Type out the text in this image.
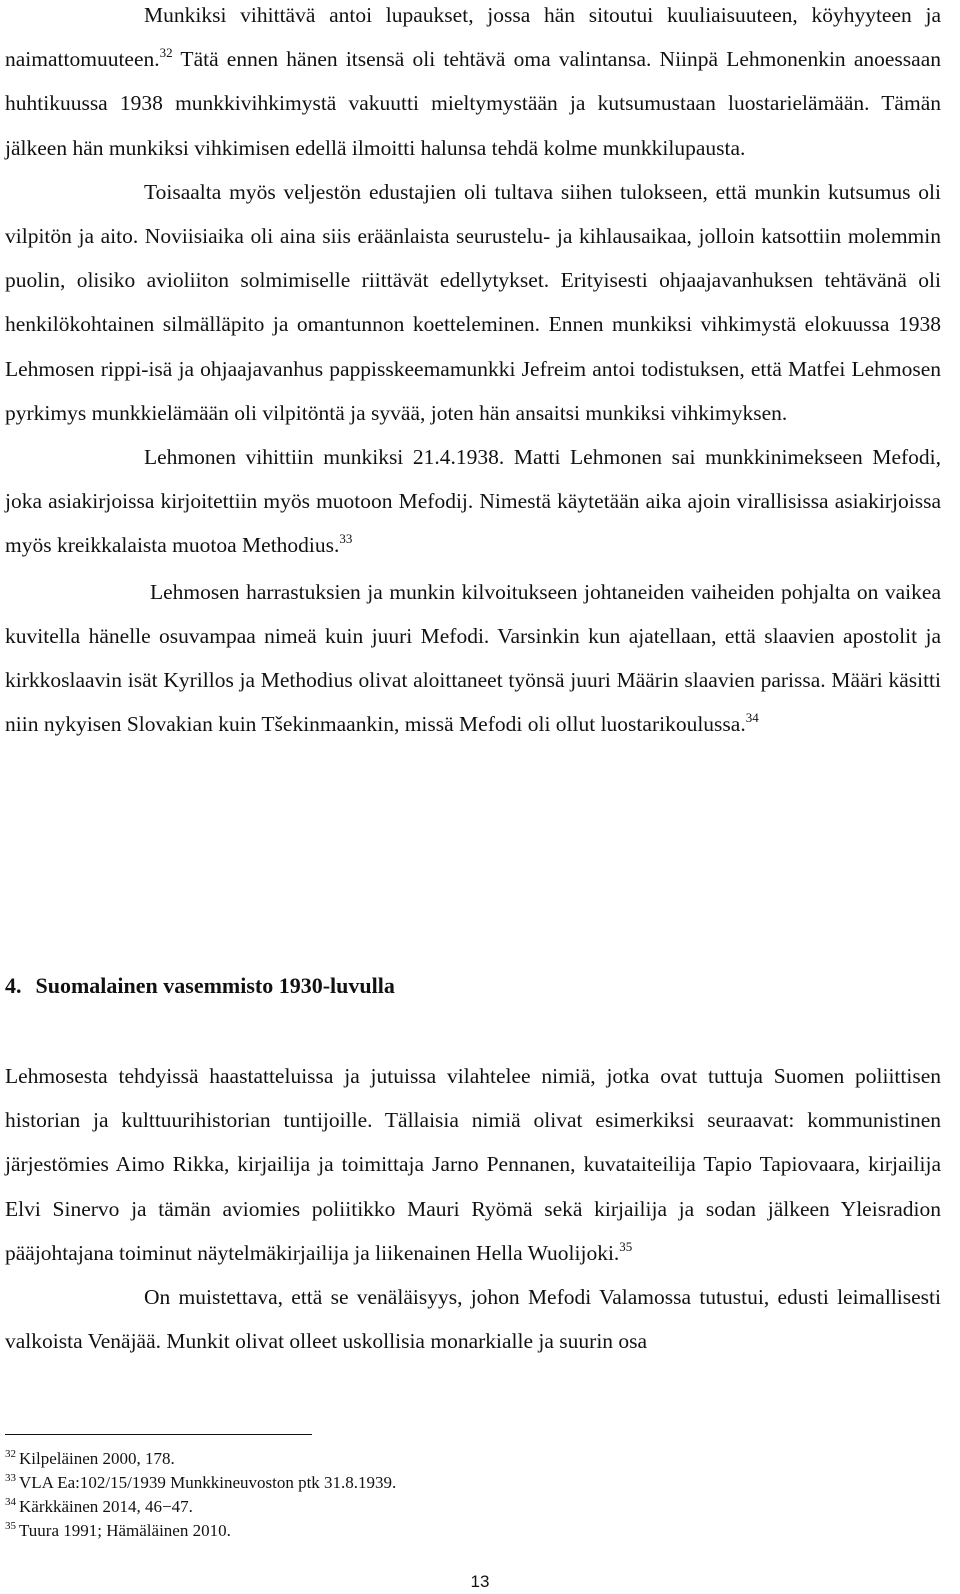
Munkiksi vihittävä antoi lupaukset, jossa hän sitoutui kuuliaisuuteen, köyhyyteen ja naimattomuuteen.$^{32}$ Tätä ennen hänen itsensä oli tehtävä oma valintansa. Niinpä Lehmonenkin anoessaan huhtikuussa 1938 munkkivihkimystä vakuutti mieltymystään ja kutsumustaan luostarielämään. Tämän jälkeen hän munkiksi vihkimisen edellä ilmoitti halunsa tehdä kolme munkkilupausta.

Toisaalta myös veljestön edustajien oli tultava siihen tulokseen, että munkin kutsumus oli vilpitön ja aito. Noviisiaika oli aina siis eräänlaista seurustelu- ja kihlausaikaa, jolloin katsottiin molemmin puolin, olisiko avioliiton solmimiselle riittävät edellytykset. Erityisesti ohjaajavanhuksen tehtävänä oli henkilökohtainen silmälläpito ja omantunnon koetteleminen. Ennen munkiksi vihkimystä elokuussa 1938 Lehmosen rippi-isä ja ohjaajavanhus pappisskeemamunkki Jefreim antoi todistuksen, että Matfei Lehmosen pyrkimys munkkielämään oli vilpitöntä ja syvää, joten hän ansaitsi munkiksi vihkimyksen.

Lehmonen vihittiin munkiksi 21.4.1938. Matti Lehmonen sai munkkinimekseen Mefodi, joka asiakirjoissa kirjoitettiin myös muotoon Mefodij. Nimestä käytetään aika ajoin virallisissa asiakirjoissa myös kreikkalaista muotoa Methodius.$^{33}$

Lehmosen harrastuksien ja munkin kilvoitukseen johtaneiden vaiheiden pohjalta on vaikea kuvitella hänelle osuvampaa nimeä kuin juuri Mefodi. Varsinkin kun ajatellaan, että slaavien apostolit ja kirkkoslaavin isät Kyrillos ja Methodius olivat aloittaneet työnsä juuri Määrin slaavien parissa. Määri käsitti niin nykyisen Slovakian kuin Tšekinmaankin, missä Mefodi oli ollut luostarikoulussa.$^{34}$

4. Suomalainen vasemmisto 1930-luvulla

Lehmosesta tehdyissä haastatteluissa ja jutuissa vilahtelee nimiä, jotka ovat tuttuja Suomen poliittisen historian ja kulttuurihistorian tuntijoille. Tällaisia nimiä olivat esimerkiksi seuraavat: kommunistinen järjestömies Aimo Rikka, kirjailija ja toimittaja Jarno Pennanen, kuvataiteilija Tapio Tapiovaara, kirjailija Elvi Sinervo ja tämän aviomies poliitikko Mauri Ryömä sekä kirjailija ja sodan jälkeen Yleisradion pääjohtajana toiminut näytelmäkirjailija ja liikenainen Hella Wuolijoki.$^{35}$

On muistettava, että se venäläisyys, johon Mefodi Valamossa tutustui, edusti leimallisesti valkoista Venäjää. Munkit olivat olleet uskollisia monarkialle ja suurin osa

$^{32}$ Kilpeläinen 2000, 178.

$^{33}$ VLA Ea:102/15/1939 Munkkineuvoston ptk 31.8.1939.

$^{34}$ Kärkkäinen 2014, 46−47.

$^{35}$ Tuura 1991; Hämäläinen 2010.

13
